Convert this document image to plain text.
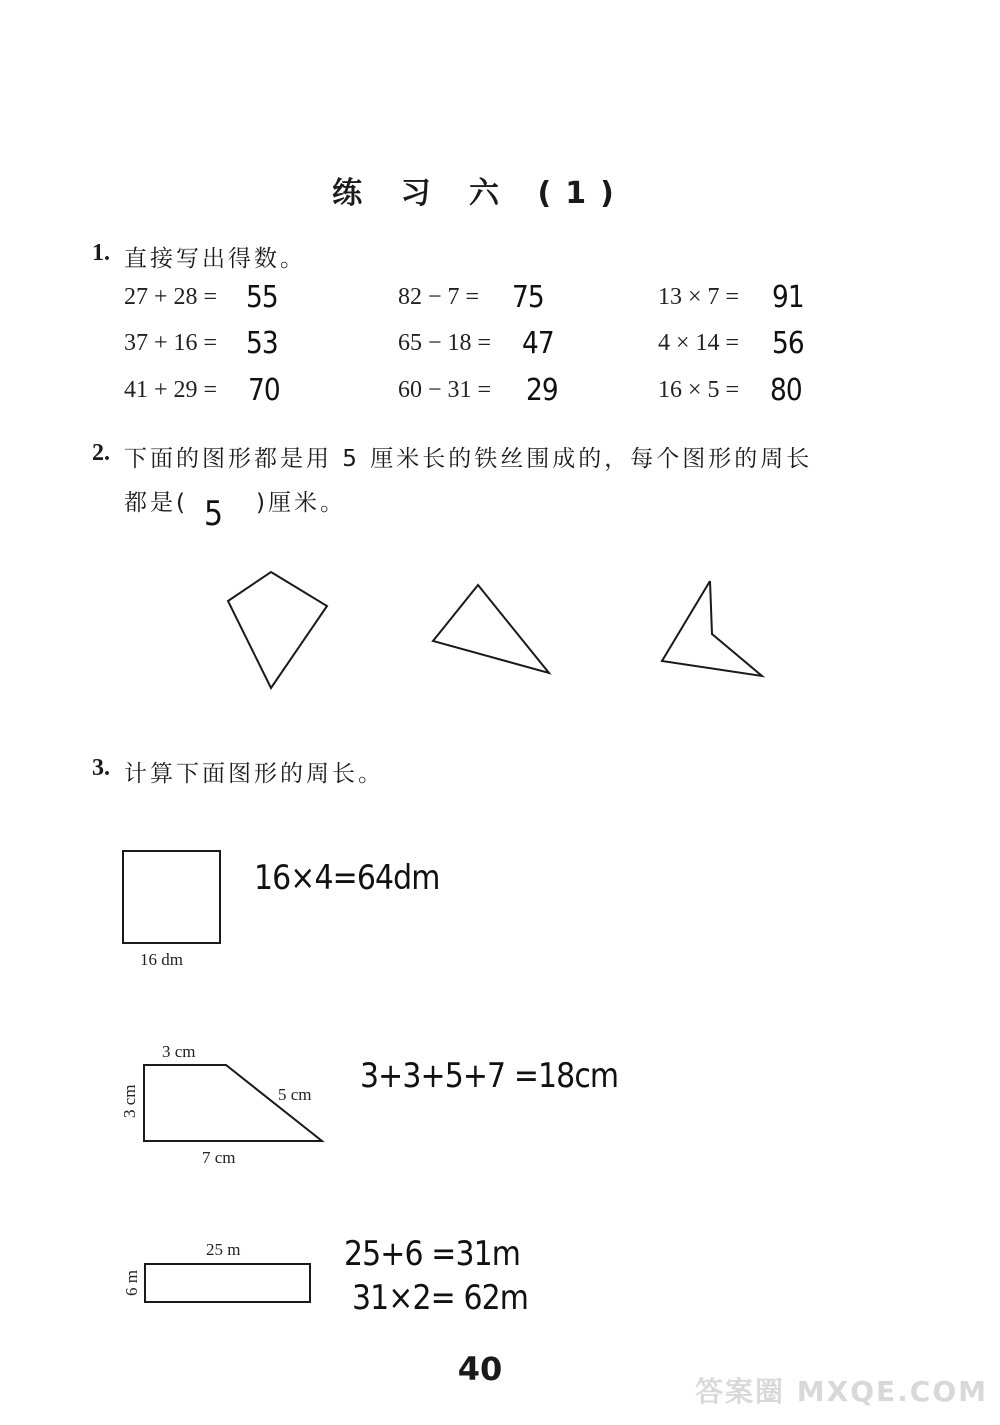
练 习 六 (1)
1. 直接写出得数。
27 + 28 = 55	82 − 7 = 75	13 × 7 = 91
37 + 16 = 53	65 − 18 = 47	4 × 14 = 56
41 + 29 = 70	60 − 31 = 29	16 × 5 = 80
2. 下面的图形都是用 5 厘米长的铁丝围成的，每个图形的周长
都是( 5 )厘米。
3. 计算下面图形的周长。
16 dm
16×4=64dm
3 cm
3 cm	5 cm
7 cm
3+3+5+7 =18cm
25 m
6 m
25+6 =31m
31×2= 62m
40
答案圈 MXQE.COM
